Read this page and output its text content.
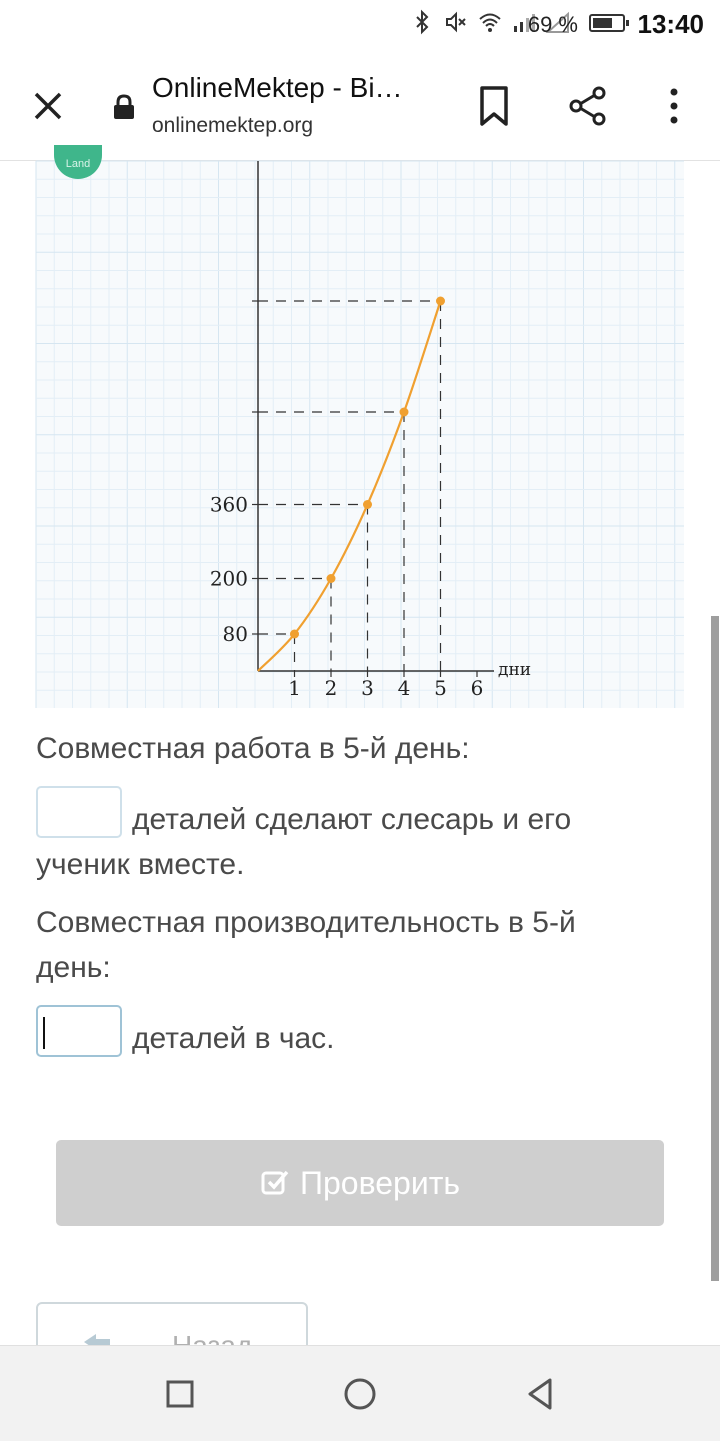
69 % 13:40
OnlineMektep - Bi…
onlinemektep.org
дни
1 2 3 4 5 6
80
200
360
Land
Совместная работа в 5-й день:
деталей сделают слесарь и его
ученик вместе.
Совместная производительность в 5-й
день:
деталей в час.
Проверить
